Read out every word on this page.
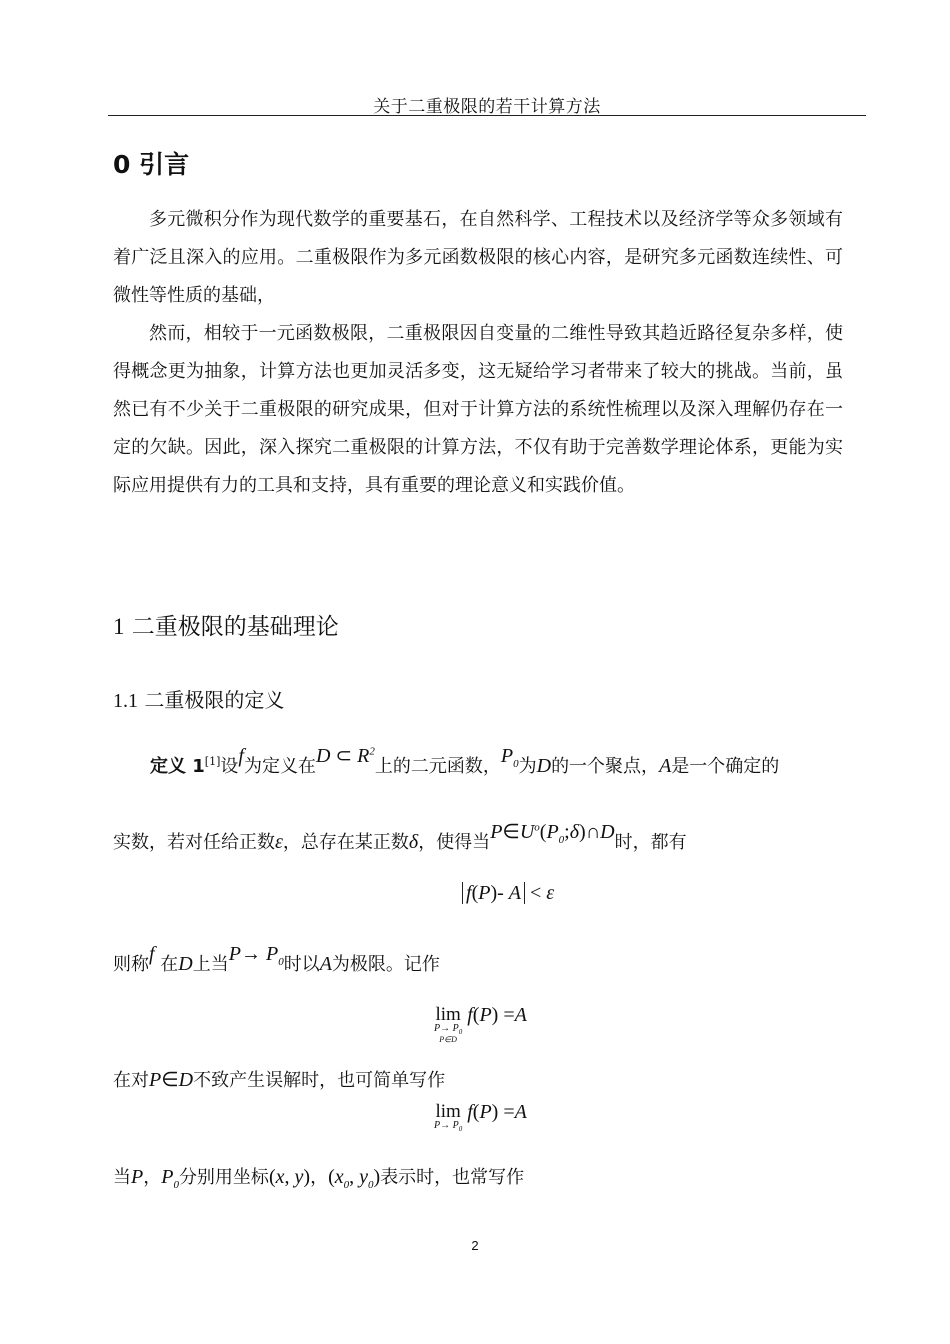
关于二重极限的若干计算方法
0 引言
多元微积分作为现代数学的重要基石，在自然科学、工程技术以及经济学等众多领域有着广泛且深入的应用。二重极限作为多元函数极限的核心内容，是研究多元函数连续性、可微性等性质的基础，
然而，相较于一元函数极限，二重极限因自变量的二维性导致其趋近路径复杂多样，使得概念更为抽象，计算方法也更加灵活多变，这无疑给学习者带来了较大的挑战。当前，虽然已有不少关于二重极限的研究成果，但对于计算方法的系统性梳理以及深入理解仍存在一定的欠缺。因此，深入探究二重极限的计算方法，不仅有助于完善数学理论体系，更能为实际应用提供有力的工具和支持，具有重要的理论意义和实践价值。
1 二重极限的基础理论
1.1 二重极限的定义
定义 1[1]设f为定义在D ⊂ $R^2$上的二元函数，$P_0$为D的一个聚点，A是一个确定的
实数，若对任给正数ε，总存在某正数δ，使得当$P\in U^o(P_0;\delta)\cap D$时，都有
f(P)- A < ε
则称f 在D上当$P\to P_0$时以A为极限。记作
lim
$P\to P_0$
P∈D
f(P) =A
在对P∈D不致产生误解时，也可简单写作
lim
$P\to P_0$
f(P) =A
当P，$P_0$分别用坐标(x, y)，($x_0$, $y_0$)表示时，也常写作
2
